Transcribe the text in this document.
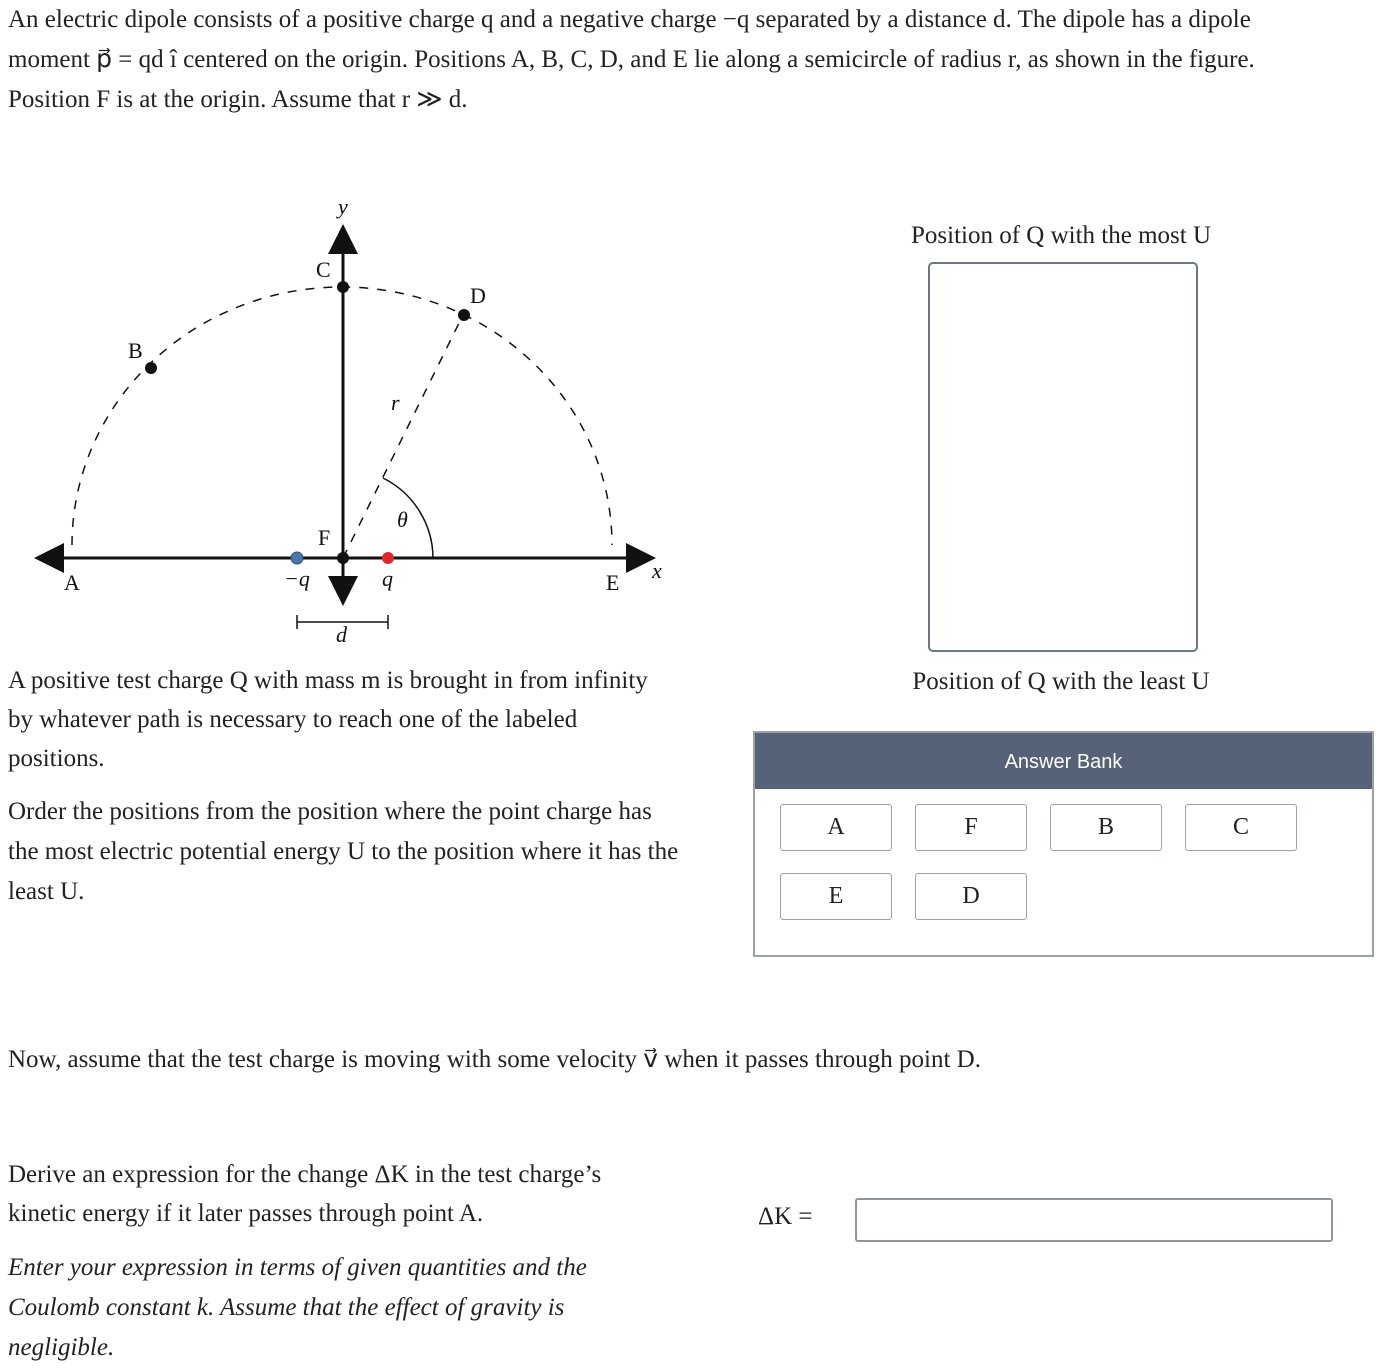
An electric dipole consists of a positive charge q and a negative charge −q separated by a distance d. The dipole has a dipole
moment p⃗ = qd î centered on the origin. Positions A, B, C, D, and E lie along a semicircle of radius r, as shown in the figure.
Position F is at the origin. Assume that r ≫ d.
y
x
A
B
C
D
E
F
r
θ
−q	q
d
A positive test charge Q with mass m is brought in from infinity by whatever path is necessary to reach one of the labeled positions.
Order the positions from the position where the point charge has the most electric potential energy U to the position where it has the least U.
Now, assume that the test charge is moving with some velocity v⃗ when it passes through point D.
Derive an expression for the change ΔK in the test charge’s kinetic energy if it later passes through point A.
Enter your expression in terms of given quantities and the Coulomb constant k. Assume that the effect of gravity is negligible.
Position of Q with the most U
Position of Q with the least U
Answer Bank
A	F	B	C
E	D
ΔK =
